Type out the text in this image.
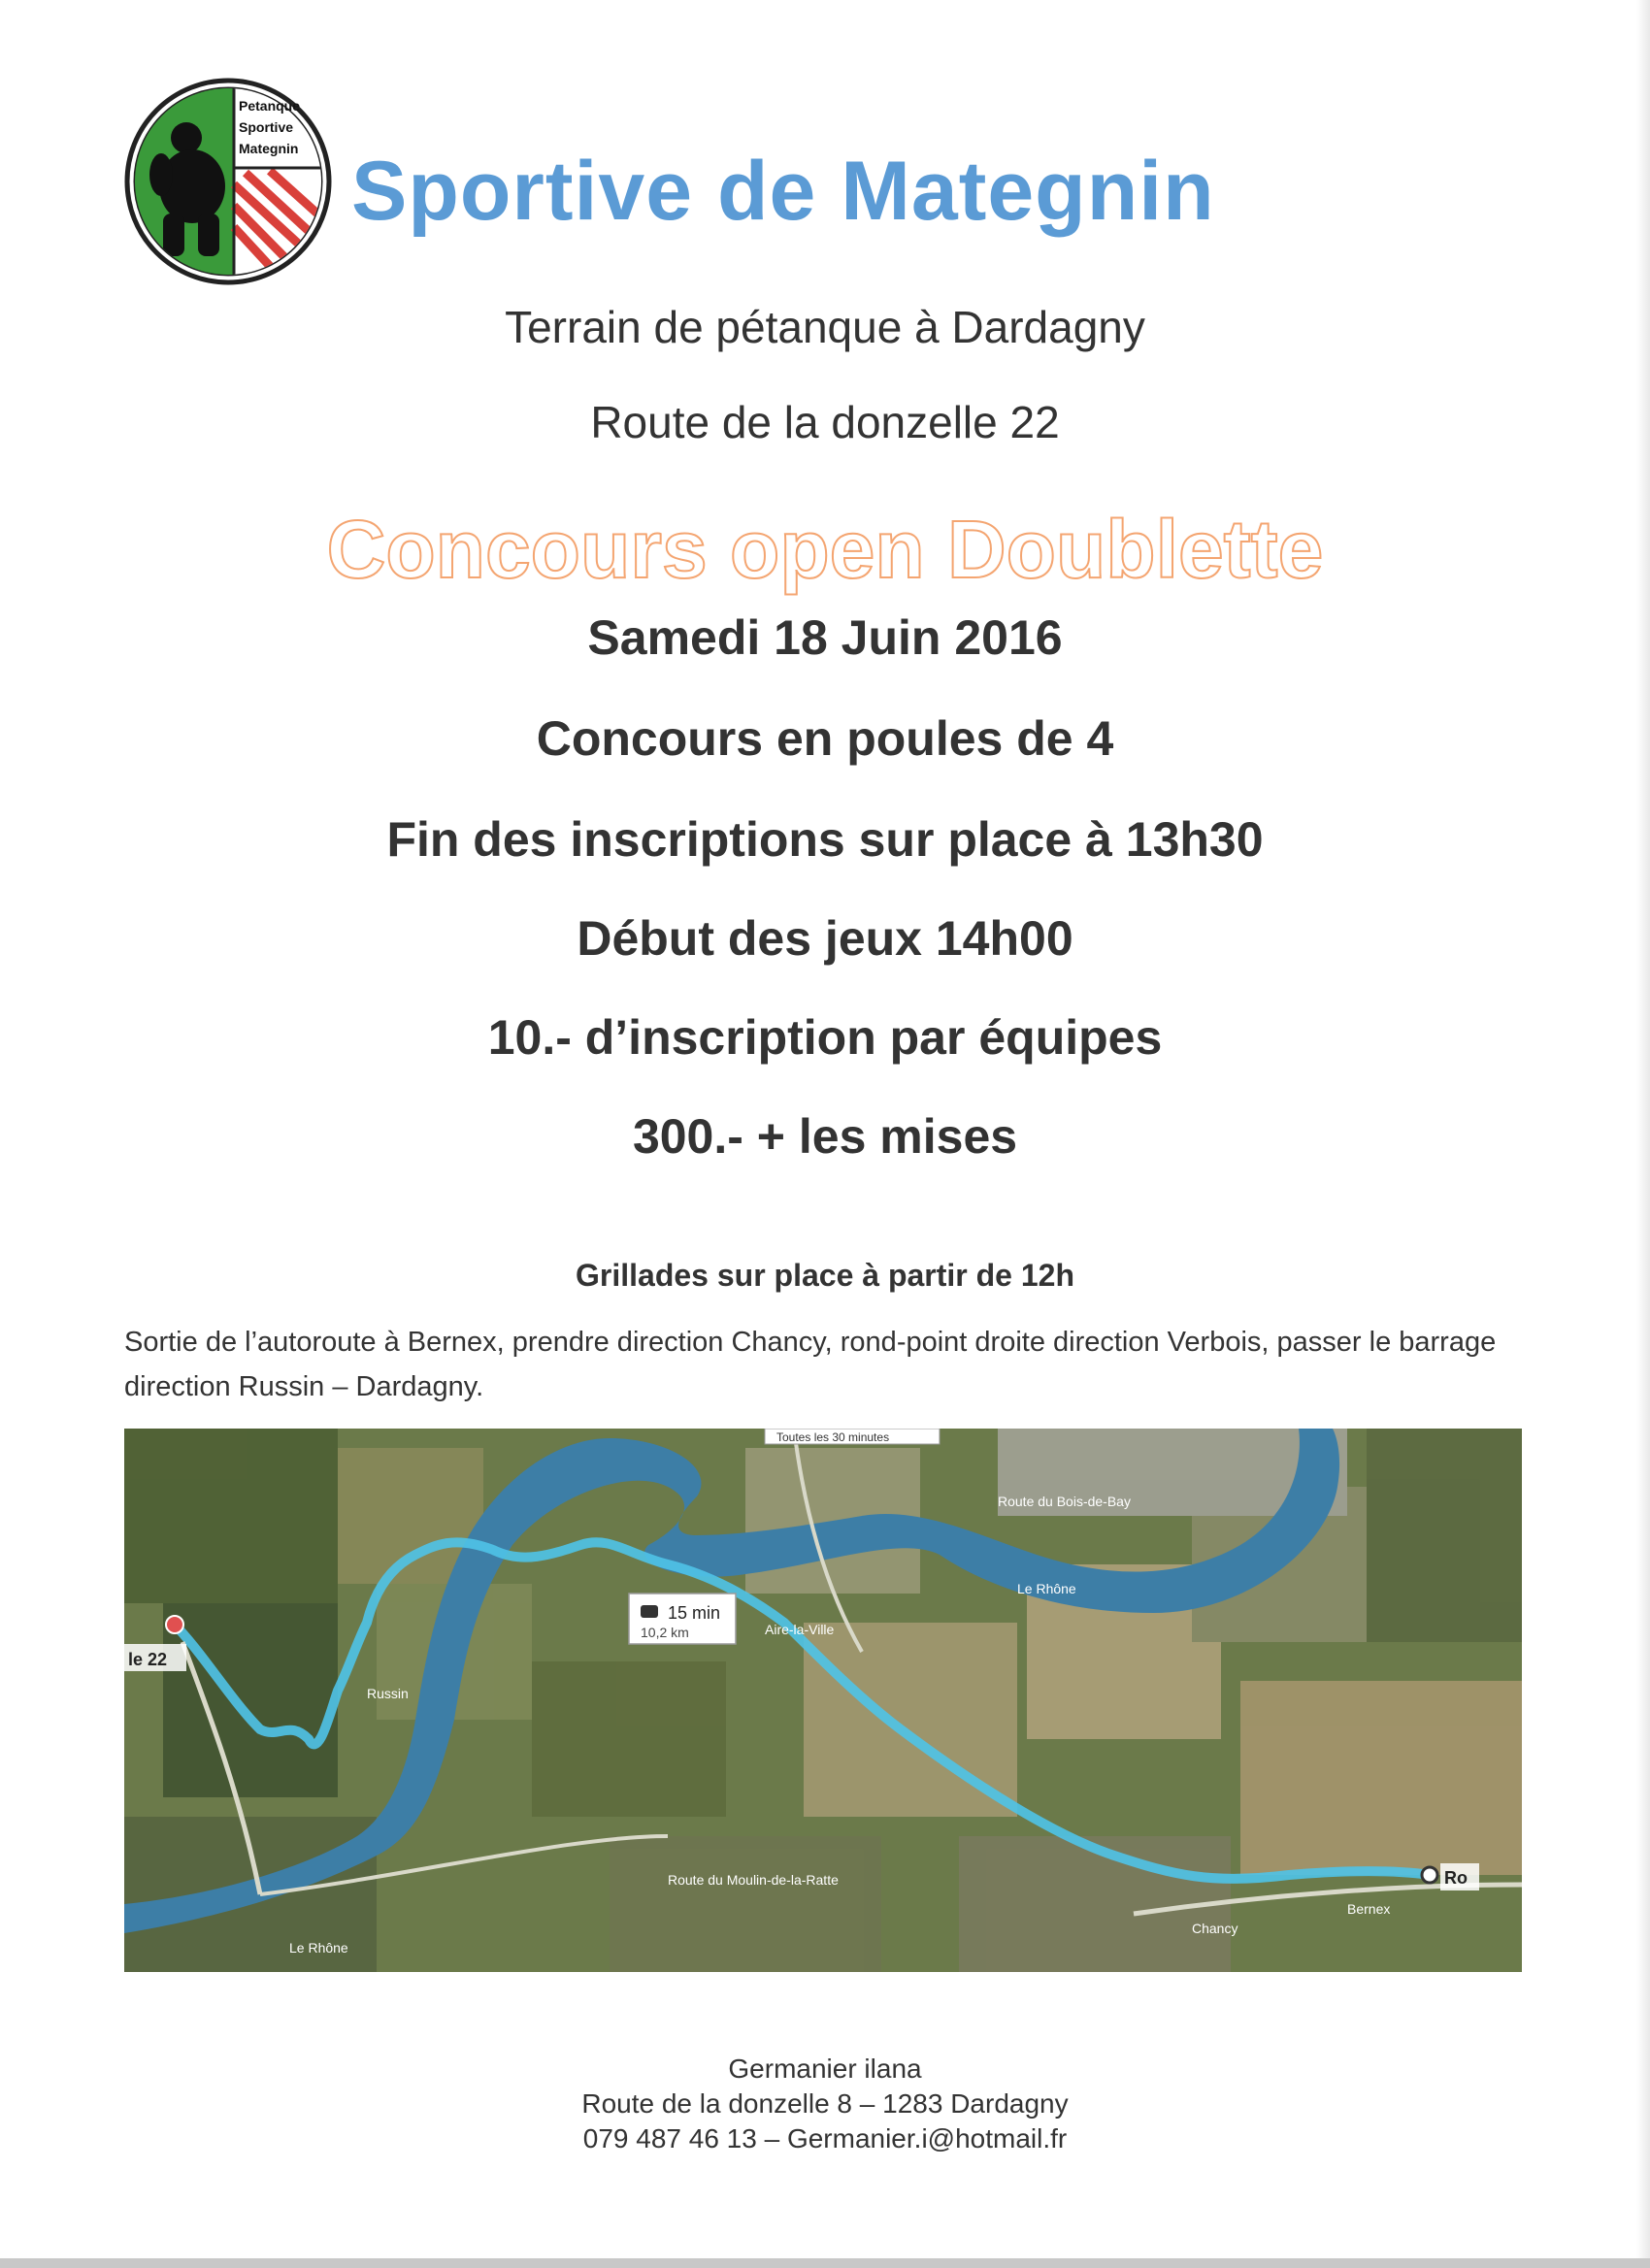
Petanque
Sportive
Mategnin Sportive de Mategnin
Terrain de pétanque à Dardagny
Route de la donzelle 22
Concours open Doublette
Samedi 18 Juin 2016
Concours en poules de 4
Fin des inscriptions sur place à 13h30
Début des jeux 14h00
10.- d’inscription par équipes
300.- + les mises
Grillades sur place à partir de 12h
Sortie de l’autoroute à Bernex, prendre direction Chancy, rond-point droite direction Verbois, passer le barrage direction Russin – Dardagny.
le 22
Ro
Toutes les 30 minutes
15 min
10,2 km
Russin
Aire-la-Ville
Le Rhône
Le Rhône
Route du Bois-de-Bay
Route du Moulin-de-la-Ratte
Bernex
Chancy
Germanier ilana
Route de la donzelle 8 – 1283 Dardagny
079 487 46 13 – Germanier.i@hotmail.fr
